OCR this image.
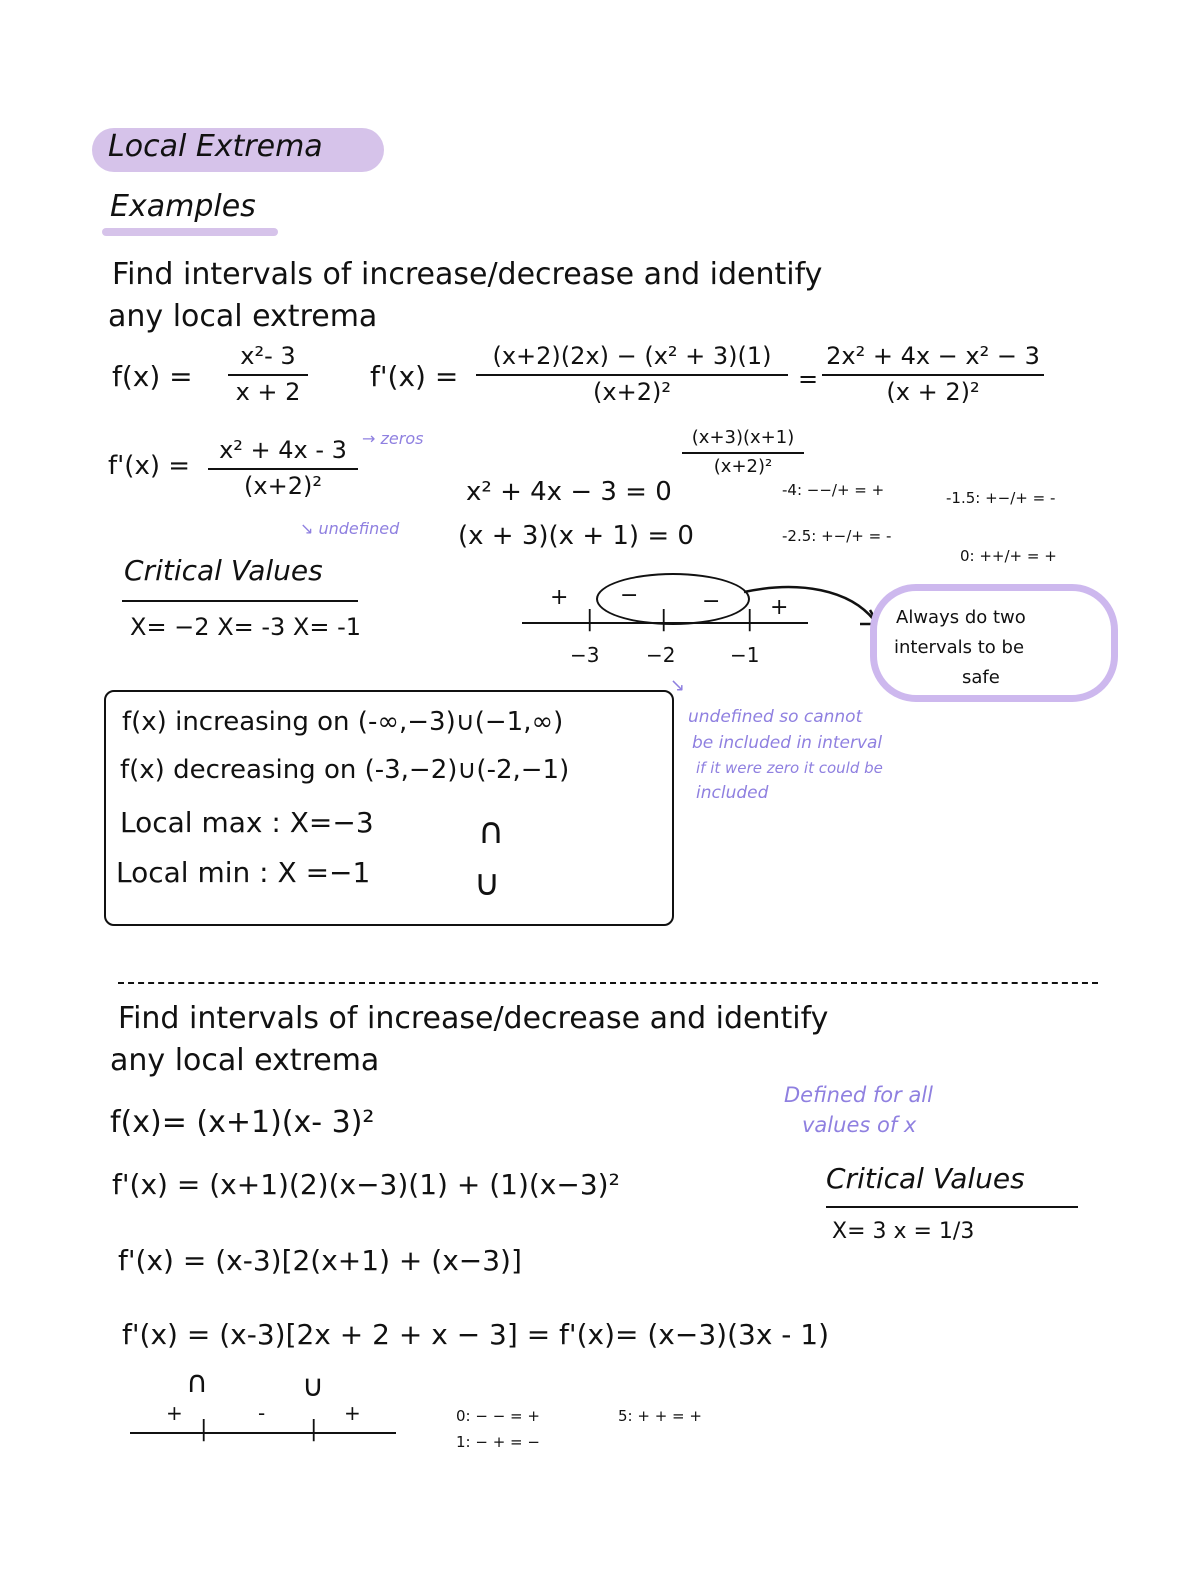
Local Extrema
Examples
Find intervals of increase/decrease and identify
any local extrema
f(x) =
x²- 3
x + 2 f'(x) =
(x+2)(2x) − (x² + 3)(1)
(x+2)²	=
2x² + 4x − x² − 3
(x + 2)²
f'(x) =
x² + 4x - 3
(x+2)²
→ zeros
↘ undefined
(x+3)(x+1)
(x+2)²
x² + 4x − 3 = 0
(x + 3)(x + 1) = 0
-4: −−/+ = +	-1.5: +−/+ = -
-2.5: +−/+ = -
0: ++/+ = +
Critical Values
X= −2 X= -3 X= -1	|	|	|
+ −	− +
−3 −2	−1
Always do two
intervals to be
safe
↘
undefined so cannot
be included in interval
if it were zero it could be
included
f(x) increasing on (-∞,−3)∪(−1,∞)
f(x) decreasing on (-3,−2)∪(-2,−1)
Local max : X=−3	∩
Local min : X =−1	∪
Find intervals of increase/decrease and identify
any local extrema
f(x)= (x+1)(x- 3)²
Defined for all
values of x
f'(x) = (x+1)(2)(x−3)(1) + (1)(x−3)²	Critical Values
X= 3 x = 1/3
f'(x) = (x-3)[2(x+1) + (x−3)]
f'(x) = (x-3)[2x + 2 + x − 3] = f'(x)= (x−3)(3x - 1)
∩	∪
|	|
+	-	+	0: − − = +	5: + + = +
1: − + = −
